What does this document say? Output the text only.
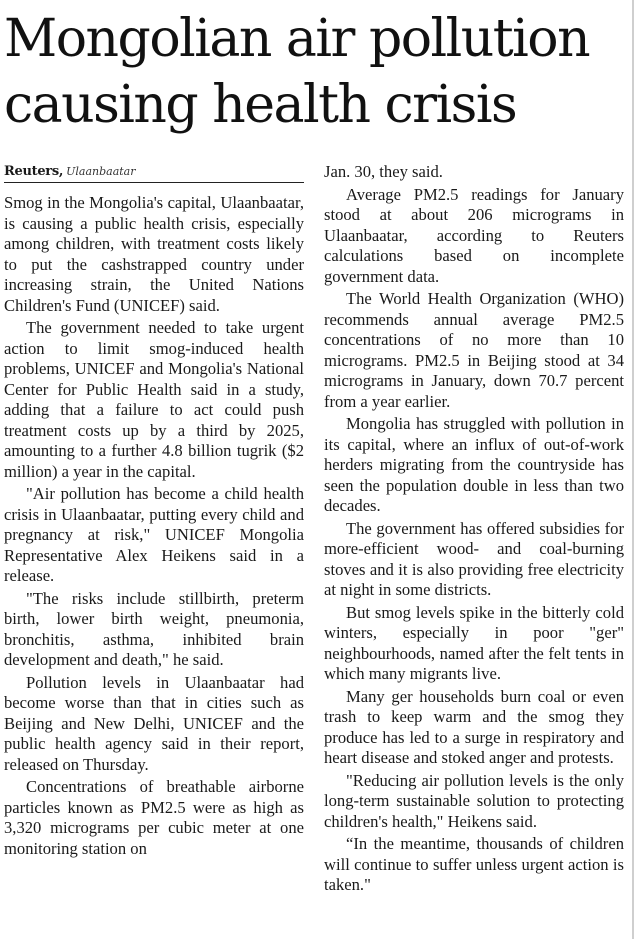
Mongolian air pollution
causing health crisis
Reuters, Ulaanbaatar

Smog in the Mongolia's capital, Ulaanbaatar, is causing a public health crisis, especially among children, with treatment costs likely to put the cashstrapped country under increasing strain, the United Nations Children's Fund (UNICEF) said.

The government needed to take urgent action to limit smog-induced health problems, UNICEF and Mongolia's National Center for Public Health said in a study, adding that a failure to act could push treatment costs up by a third by 2025, amounting to a further 4.8 billion tugrik ($2 million) a year in the capital.

"Air pollution has become a child health crisis in Ulaanbaatar, putting every child and pregnancy at risk," UNICEF Mongolia Representative Alex Heikens said in a release.

"The risks include stillbirth, preterm birth, lower birth weight, pneumonia, bronchitis, asthma, inhibited brain development and death," he said.

Pollution levels in Ulaanbaatar had become worse than that in cities such as Beijing and New Delhi, UNICEF and the public health agency said in their report, released on Thursday.

Concentrations of breathable airborne particles known as PM2.5 were as high as 3,320 micrograms per cubic meter at one monitoring station on

Jan. 30, they said.

Average PM2.5 readings for January stood at about 206 micrograms in Ulaanbaatar, according to Reuters calculations based on incomplete government data.

The World Health Organization (WHO) recommends annual average PM2.5 concentrations of no more than 10 micrograms. PM2.5 in Beijing stood at 34 micrograms in January, down 70.7 percent from a year earlier.

Mongolia has struggled with pollution in its capital, where an influx of out-of-work herders migrating from the countryside has seen the population double in less than two decades.

The government has offered subsidies for more-efficient wood- and coal-burning stoves and it is also providing free electricity at night in some districts.

But smog levels spike in the bitterly cold winters, especially in poor "ger" neighbourhoods, named after the felt tents in which many migrants live.

Many ger households burn coal or even trash to keep warm and the smog they produce has led to a surge in respiratory and heart disease and stoked anger and protests.

"Reducing air pollution levels is the only long-term sustainable solution to protecting children's health," Heikens said.

“In the meantime, thousands of children will continue to suffer unless urgent action is taken."
